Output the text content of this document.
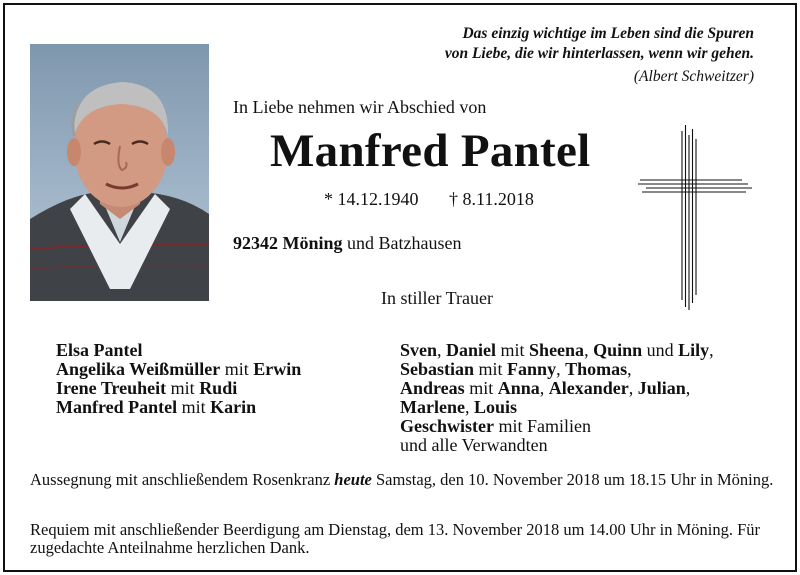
Das einzig wichtige im Leben sind die Spuren
von Liebe, die wir hinterlassen, wenn wir gehen.
(Albert Schweitzer)
In Liebe nehmen wir Abschied von
Manfred Pantel
* 14.12.1940 † 8.11.2018
92342 Möning und Batzhausen
In stiller Trauer
Elsa Pantel
Angelika Weißmüller mit Erwin
Irene Treuheit mit Rudi
Manfred Pantel mit Karin
Sven, Daniel mit Sheena, Quinn und Lily,
Sebastian mit Fanny, Thomas,
Andreas mit Anna, Alexander, Julian,
Marlene, Louis
Geschwister mit Familien
und alle Verwandten
Aussegnung mit anschließendem Rosenkranz heute Samstag, den 10. November 2018 um 18.15 Uhr in Möning.
Requiem mit anschließender Beerdigung am Dienstag, dem 13. November 2018 um 14.00 Uhr in Möning. Für zugedachte Anteilnahme herzlichen Dank.
